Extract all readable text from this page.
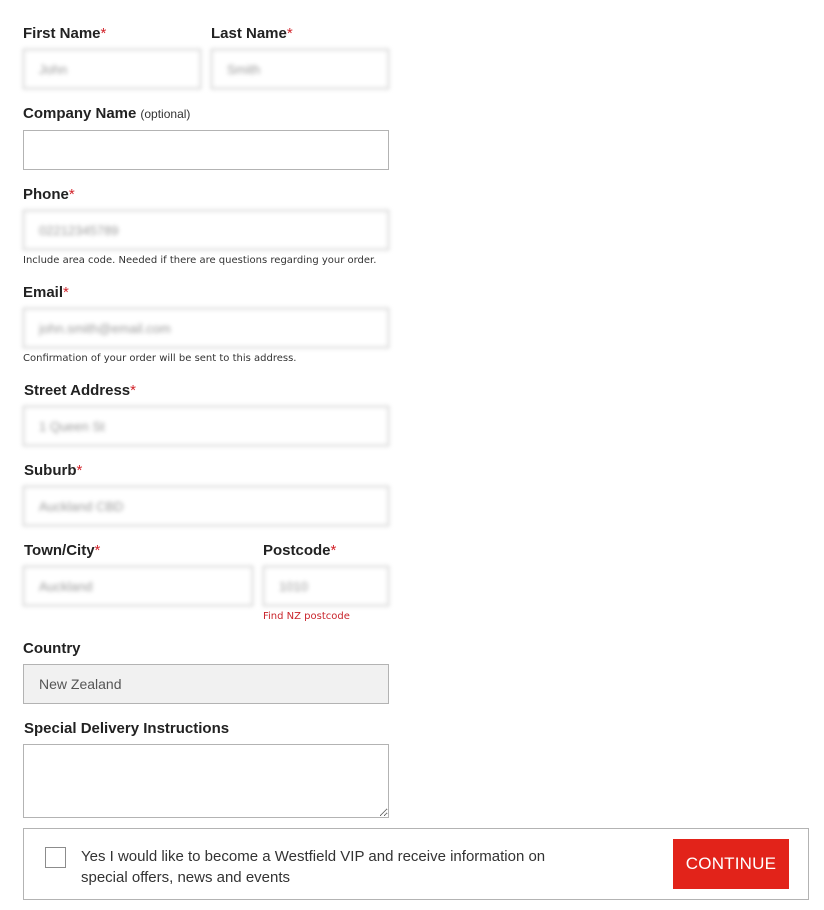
First Name*
John	Last Name*
Smith
Company Name (optional)
Phone*
02212345789
Include area code. Needed if there are questions regarding your order.
Email*
john.smith@email.com
Confirmation of your order will be sent to this address.
Street Address*
1 Queen St
Suburb*
Auckland CBD
Town/City*
Auckland	Postcode*
1010
Find NZ postcode
Country
New Zealand
Special Delivery Instructions
Yes I would like to become a Westfield VIP and receive information on special offers, news and events
CONTINUE
